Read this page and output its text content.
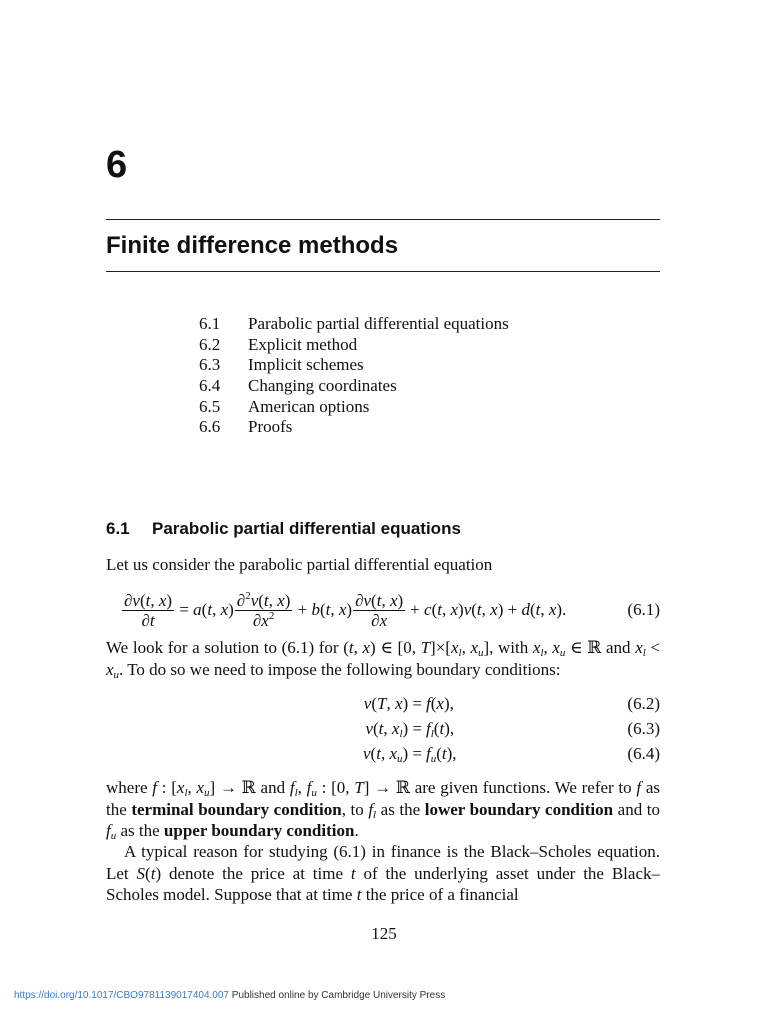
6
Finite difference methods
6.1 Parabolic partial differential equations
6.2 Explicit method
6.3 Implicit schemes
6.4 Changing coordinates
6.5 American options
6.6 Proofs
6.1 Parabolic partial differential equations
Let us consider the parabolic partial differential equation
$\frac{\partial v(t, x)}{\partial t} = a(t$, $x) \frac{\partial^2v(t, x)}{\partial x^2} + b(t$, $x) \frac{\partial v(t, x)}{\partial x} + c(t$, x)v(t, x) + d(t, x).	(6.1)
We look for a solution to (6.1) for (t, x) ∈ [0, $T]\times[x_l$, $x_u$], with $x_l$, $x_u$ ∈ ℝ and $x_l < x_u$. To do so we need to impose the following boundary conditions:
v(T, x) = f(x),	(6.2)
v(t, $x_l) = f_l(t)$,	(6.3)
v(t, $x_u) = f_u(t)$,	(6.4)
where f : [$x_l$, $x_u$] → ℝ and $f_l$, $f_u$ : [0, T] → ℝ are given functions. We refer to f as the terminal boundary condition, to $f_l$ as the lower boundary condition and to $f_u$ as the upper boundary condition.
A typical reason for studying (6.1) in finance is the Black–Scholes equation. Let S(t) denote the price at time t of the underlying asset under the Black–Scholes model. Suppose that at time t the price of a financial
125
https://doi.org/10.1017/CBO9781139017404.007 Published online by Cambridge University Press
